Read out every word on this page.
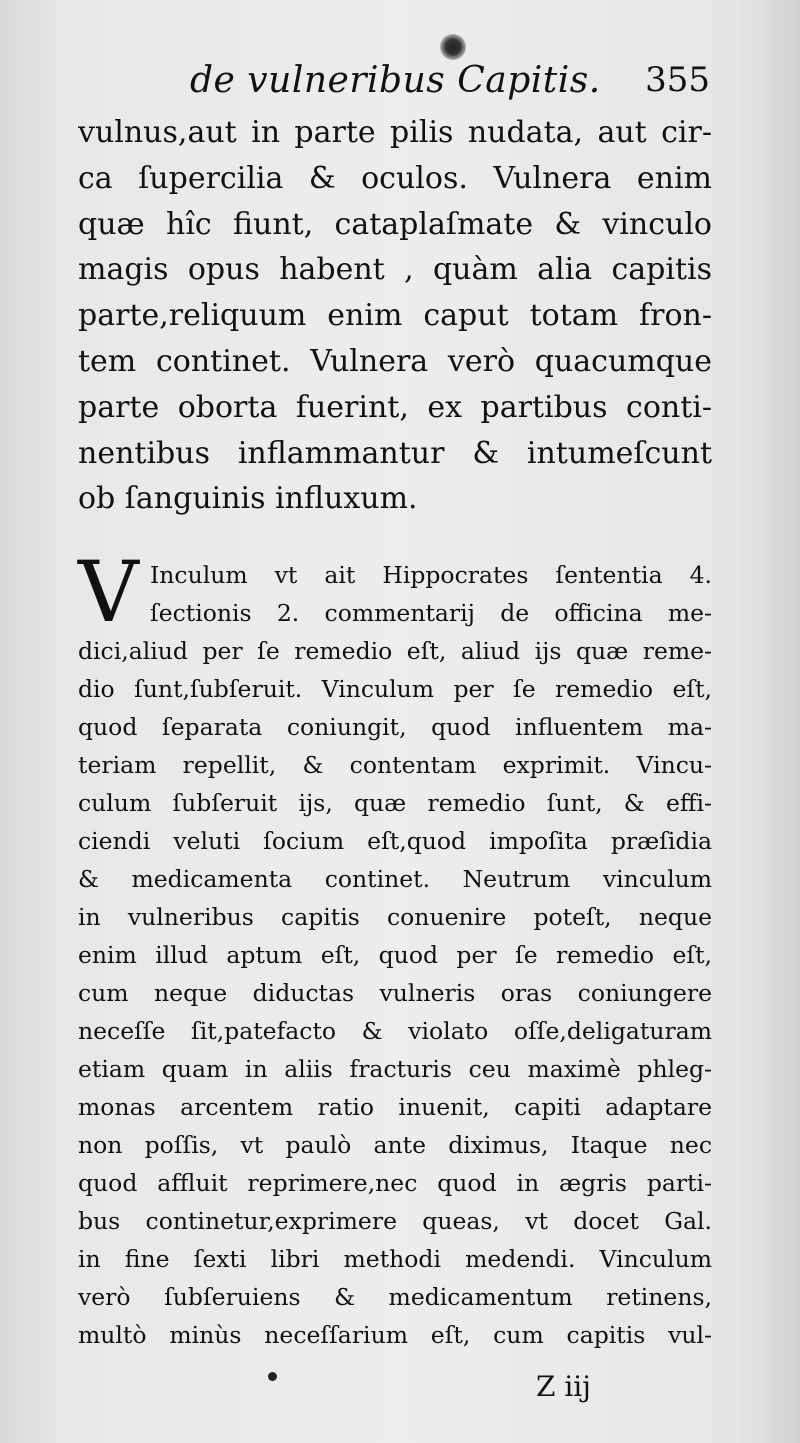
de vulneribus Capitis. 355
vulnus,aut in parte pilis nudata, aut cir-
ca ſupercilia & oculos. Vulnera enim
quæ hîc fiunt, cataplaſmate & vinculo
magis opus habent , quàm alia capitis
parte,reliquum enim caput totam fron-
tem continet. Vulnera verò quacumque
parte oborta fuerint, ex partibus conti-
nentibus inflammantur & intumeſcunt
ob ſanguinis influxum.
V Inculum vt ait Hippocrates ſententia 4.
ſectionis 2. commentarij de officina me-
dici,aliud per ſe remedio eſt, aliud ijs quæ reme-
dio ſunt,ſubſeruit. Vinculum per ſe remedio eſt,
quod ſeparata coniungit, quod influentem ma-
teriam repellit, & contentam exprimit. Vincu-
culum ſubſeruit ijs, quæ remedio ſunt, & effi-
ciendi veluti ſocium eſt,quod impoſita præſidia
& medicamenta continet. Neutrum vinculum
in vulneribus capitis conuenire poteſt, neque
enim illud aptum eſt, quod per ſe remedio eſt,
cum neque diductas vulneris oras coniungere
neceſſe ſit,patefacto & violato oſſe,deligaturam
etiam quam in aliis fracturis ceu maximè phleg-
monas arcentem ratio inuenit, capiti adaptare
non poſſis, vt paulò ante diximus, Itaque nec
quod affluit reprimere,nec quod in ægris parti-
bus continetur,exprimere queas, vt docet Gal.
in fine ſexti libri methodi medendi. Vinculum
verò ſubſeruiens & medicamentum retinens,
multò minùs neceſſarium eſt, cum capitis vul-
Z iij
